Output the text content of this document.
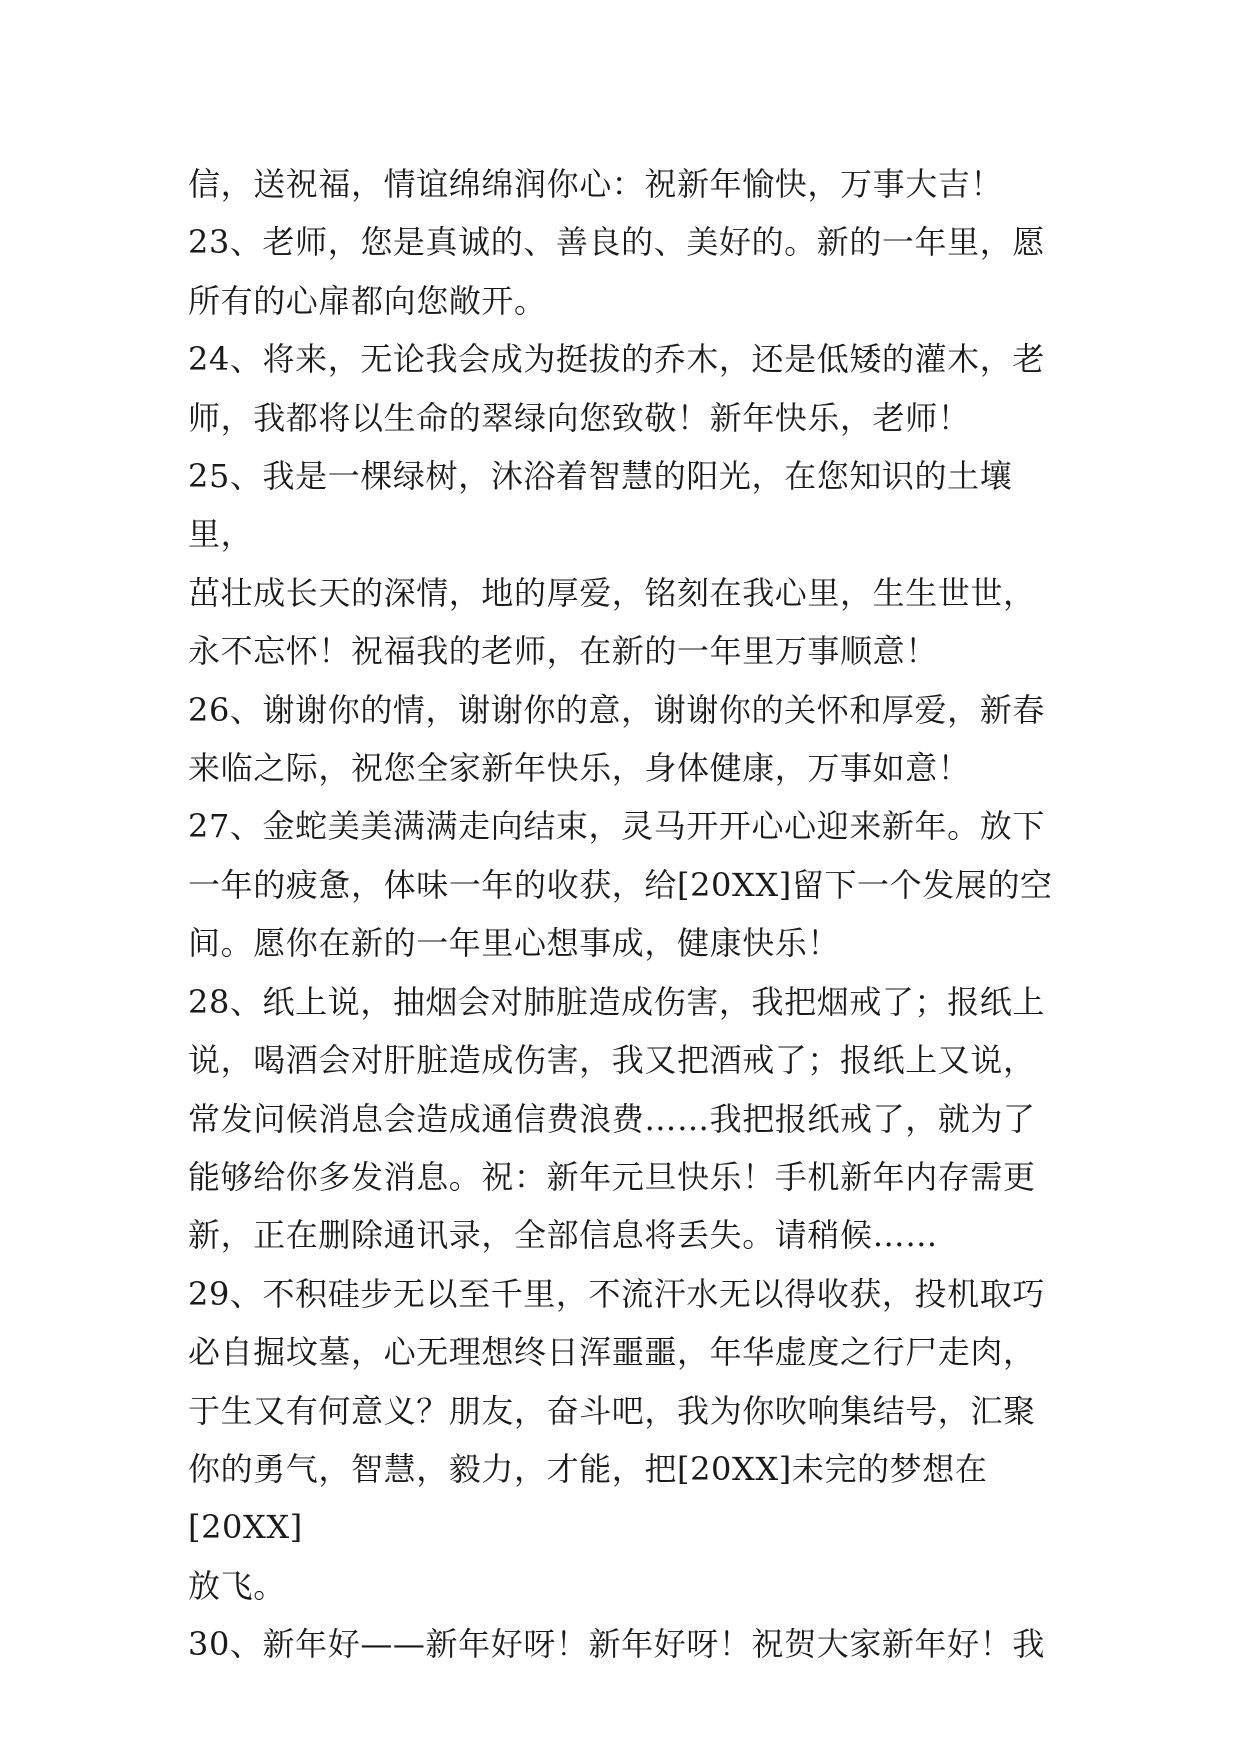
信，送祝福，情谊绵绵润你心：祝新年愉快，万事大吉！

23、老师，您是真诚的、善良的、美好的。新的一年里，愿
所有的心扉都向您敞开。

24、将来，无论我会成为挺拔的乔木，还是低矮的灌木，老
师，我都将以生命的翠绿向您致敬！新年快乐，老师！

25、我是一棵绿树，沐浴着智慧的阳光，在您知识的土壤里，
茁壮成长天的深情，地的厚爱，铭刻在我心里，生生世世，
永不忘怀！祝福我的老师，在新的一年里万事顺意！

26、谢谢你的情，谢谢你的意，谢谢你的关怀和厚爱，新春
来临之际，祝您全家新年快乐，身体健康，万事如意！

27、金蛇美美满满走向结束，灵马开开心心迎来新年。放下
一年的疲惫，体味一年的收获，给[20XX]留下一个发展的空
间。愿你在新的一年里心想事成，健康快乐！

28、纸上说，抽烟会对肺脏造成伤害，我把烟戒了；报纸上
说，喝酒会对肝脏造成伤害，我又把酒戒了；报纸上又说，
常发问候消息会造成通信费浪费……我把报纸戒了，就为了
能够给你多发消息。祝：新年元旦快乐！手机新年内存需更
新，正在删除通讯录，全部信息将丢失。请稍候……

29、不积硅步无以至千里，不流汗水无以得收获，投机取巧
必自掘坟墓，心无理想终日浑噩噩，年华虚度之行尸走肉，
于生又有何意义？朋友，奋斗吧，我为你吹响集结号，汇聚
你的勇气，智慧，毅力，才能，把[20XX]未完的梦想在[20XX]
放飞。

30、新年好——新年好呀！新年好呀！祝贺大家新年好！我
